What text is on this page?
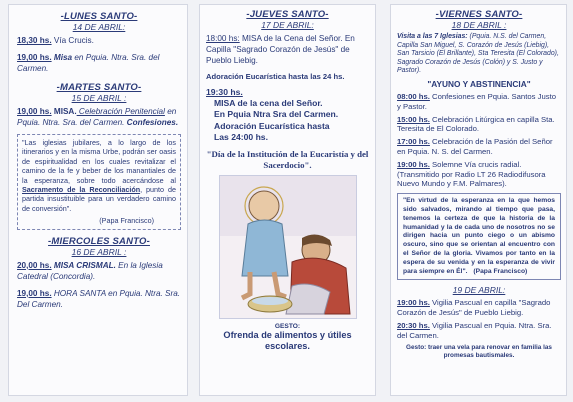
-LUNES SANTO-
14 DE ABRIL:
18,30 hs. Vía Crucis.
19,00 hs. Misa en Pquia. Ntra. Sra. del Carmen.
-MARTES SANTO-
15 DE ABRIL :
19,00 hs. MISA. Celebración Penitencial en Pquia. Ntra. Sra. del Carmen. Confesiones.
"Las iglesias jubilares, a lo largo de los itinerarios y en la misma Urbe, podrán ser oasis de espiritualidad en los cuales revitalizar el camino de la fe y beber de los manantiales de la esperanza, sobre todo acercándose al Sacramento de la Reconciliación, punto de partida insustituible para un verdadero camino de conversión".
(Papa Francisco)
-MIERCOLES SANTO-
16 DE ABRIL :
20,00 hs. MISA CRISMAL. En la Iglesia Catedral (Concordia).
19,00 hs. HORA SANTA en Pquia. Ntra. Sra. Del Carmen.
-JUEVES SANTO-
17 DE ABRIL:
18:00 hs: MISA de la Cena del Señor. En Capilla "Sagrado Corazón de Jesús" de Pueblo Liebig.
Adoración Eucarística hasta las 24 hs.
19:30 hs.
MISA de la cena del Señor.
En Pquia Ntra Sra del Carmen.
Adoración Eucarística hasta
Las 24:00 hs.
"Día de la Institución de la Eucaristía y del Sacerdocio".
GESTO:
Ofrenda de alimentos y útiles escolares.
-VIERNES SANTO-
18 DE ABRIL :
Visita a las 7 Iglesias: (Pquia. N.S. del Carmen, Capilla San Miguel, S. Corazón de Jesús (Liebig), San Tarsicio (El Brillante), Sta Teresita (El Colorado), Sagrado Corazón de Jesús (Colón) y S. Justo y Pastor).
"AYUNO Y ABSTINENCIA"
08:00 hs. Confesiones en Pquia. Santos Justo y Pastor.
15:00 hs. Celebración Litúrgica en capilla Sta. Teresita de El Colorado.
17:00 hs. Celebración de la Pasión del Señor en Pquia. N. S. del Carmen.
19:00 hs. Solemne Vía crucis radial. (Transmitido por Radio LT 26 Radiodifusora Nuevo Mundo y F.M. Palmares).
"En virtud de la esperanza en la que hemos sido salvados, mirando al tiempo que pasa, tenemos la certeza de que la historia de la humanidad y la de cada uno de nosotros no se dirigen hacia un punto ciego o un abismo oscuro, sino que se orientan al encuentro con el Señor de la gloria. Vivamos por tanto en la espera de su venida y en la esperanza de vivir para siempre en Él". (Papa Francisco)
19 DE ABRIL:
19:00 hs. Vigilia Pascual en capilla "Sagrado Corazón de Jesús" de Pueblo Liebig.
20:30 hs. Vigilia Pascual en Pquia. Ntra. Sra. del Carmen.
Gesto: traer una vela para renovar en familia las promesas bautismales.
